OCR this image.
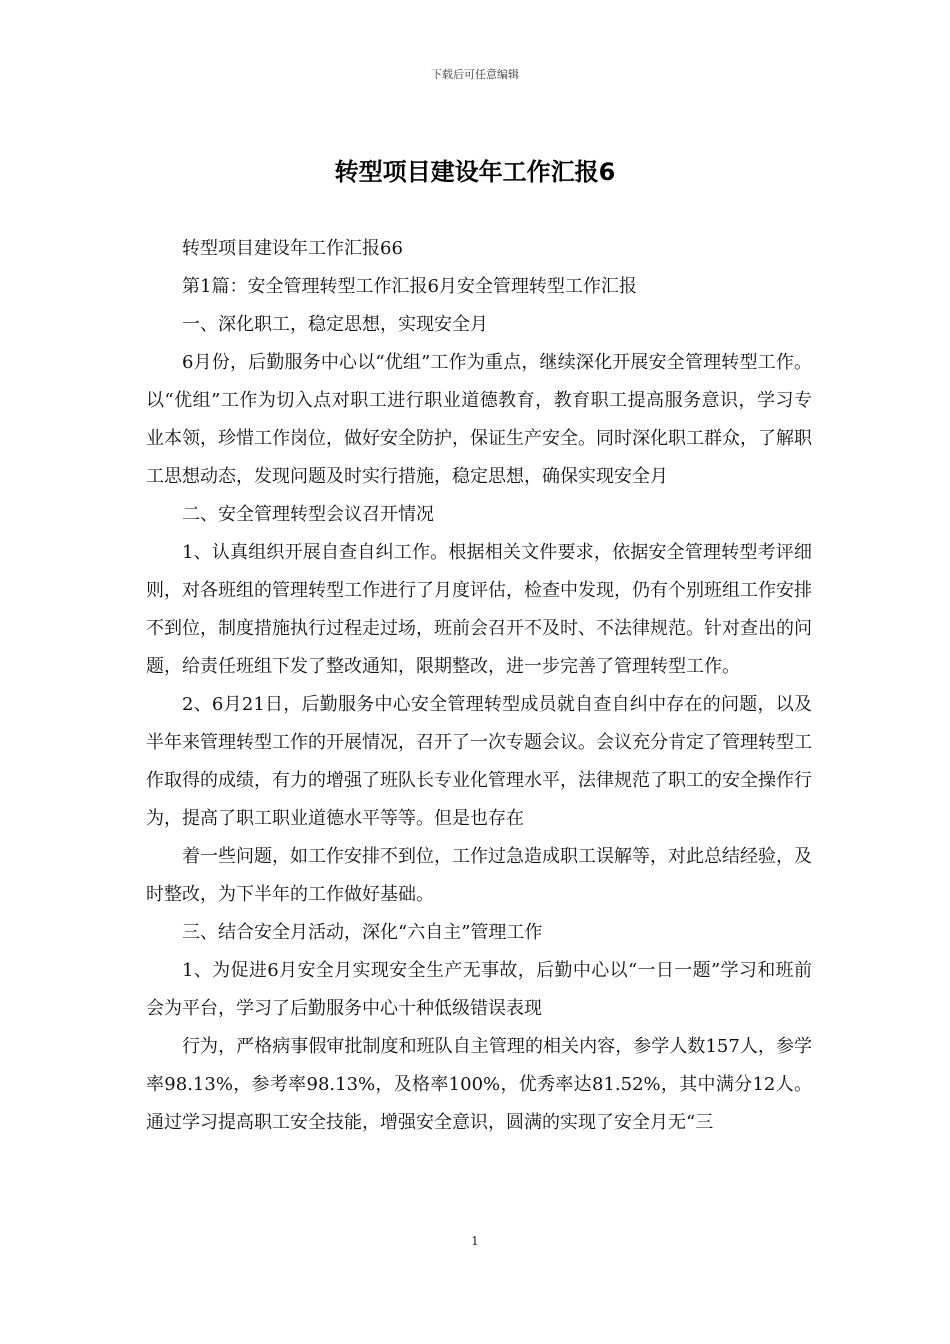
下载后可任意编辑
转型项目建设年工作汇报6

转型项目建设年工作汇报66

第1篇：安全管理转型工作汇报6月安全管理转型工作汇报

一、深化职工，稳定思想，实现安全月

6月份，后勤服务中心以“优组”工作为重点，继续深化开展安全管理转型工作。以“优组”工作为切入点对职工进行职业道德教育，教育职工提高服务意识，学习专业本领，珍惜工作岗位，做好安全防护，保证生产安全。同时深化职工群众，了解职工思想动态，发现问题及时实行措施，稳定思想，确保实现安全月

二、安全管理转型会议召开情况

1、认真组织开展自查自纠工作。根据相关文件要求，依据安全管理转型考评细则，对各班组的管理转型工作进行了月度评估，检查中发现，仍有个别班组工作安排不到位，制度措施执行过程走过场，班前会召开不及时、不法律规范。针对查出的问题，给责任班组下发了整改通知，限期整改，进一步完善了管理转型工作。

2、6月21日，后勤服务中心安全管理转型成员就自查自纠中存在的问题，以及半年来管理转型工作的开展情况，召开了一次专题会议。会议充分肯定了管理转型工作取得的成绩，有力的增强了班队长专业化管理水平，法律规范了职工的安全操作行为，提高了职工职业道德水平等等。但是也存在

着一些问题，如工作安排不到位，工作过急造成职工误解等，对此总结经验，及时整改，为下半年的工作做好基础。

三、结合安全月活动，深化“六自主”管理工作

1、为促进6月安全月实现安全生产无事故，后勤中心以“一日一题”学习和班前会为平台，学习了后勤服务中心十种低级错误表现

行为，严格病事假审批制度和班队自主管理的相关内容，参学人数157人，参学率98.13%，参考率98.13%，及格率100%，优秀率达81.52%，其中满分12人。通过学习提高职工安全技能，增强安全意识，圆满的实现了安全月无“三

1
